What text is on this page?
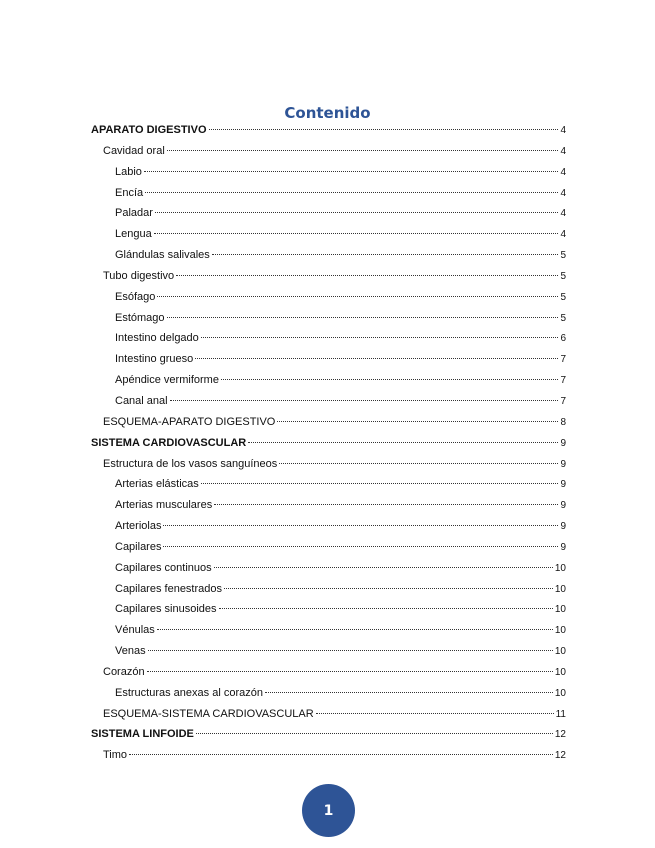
Contenido
APARATO DIGESTIVO	4
Cavidad oral	4
Labio	4
Encía	4
Paladar	4
Lengua	4
Glándulas salivales	5
Tubo digestivo	5
Esófago	5
Estómago	5
Intestino delgado	6
Intestino grueso	7
Apéndice vermiforme	7
Canal anal	7
ESQUEMA-APARATO DIGESTIVO	8
SISTEMA CARDIOVASCULAR	9
Estructura de los vasos sanguíneos	9
Arterias elásticas	9
Arterias musculares	9
Arteriolas	9
Capilares	9
Capilares continuos	10
Capilares fenestrados	10
Capilares sinusoides	10
Vénulas	10
Venas	10
Corazón	10
Estructuras anexas al corazón	10
ESQUEMA-SISTEMA CARDIOVASCULAR	11
SISTEMA LINFOIDE	12
Timo	12
1
